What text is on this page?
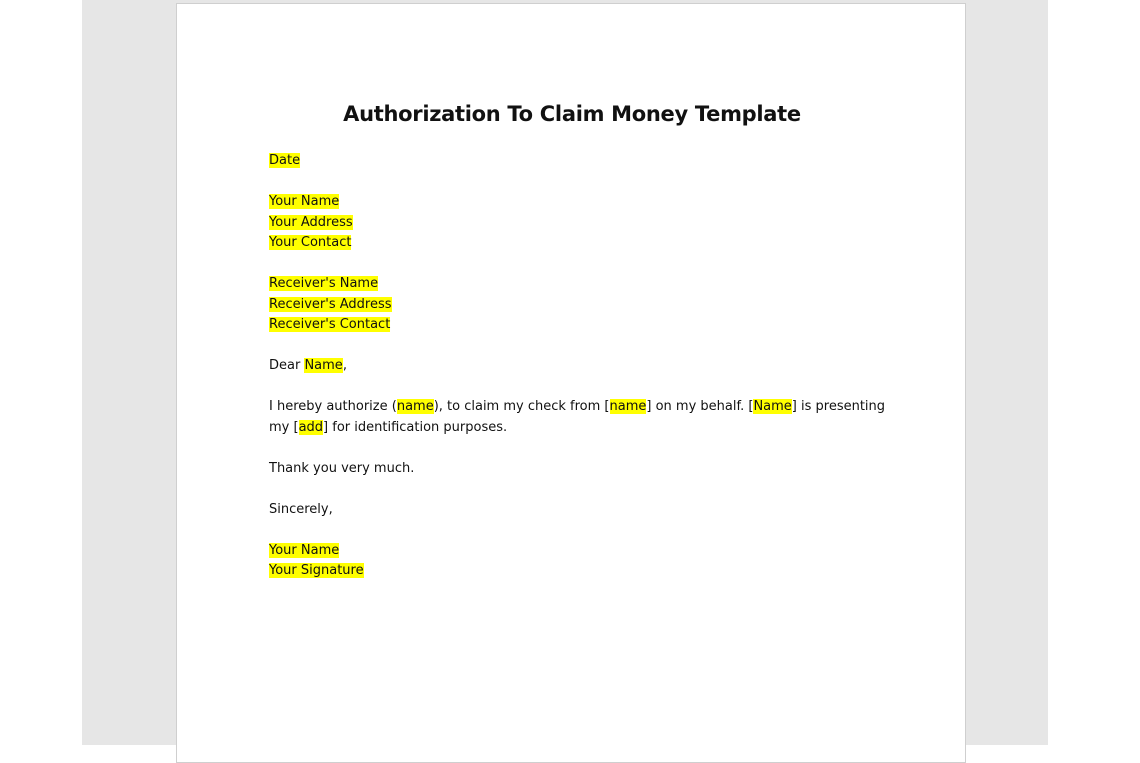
Authorization To Claim Money Template
Date
Your Name
Your Address
Your Contact
Receiver's Name
Receiver's Address
Receiver's Contact
Dear Name,
I hereby authorize (name), to claim my check from [name] on my behalf. [Name] is presenting
my [add] for identification purposes.
Thank you very much.
Sincerely,
Your Name
Your Signature
